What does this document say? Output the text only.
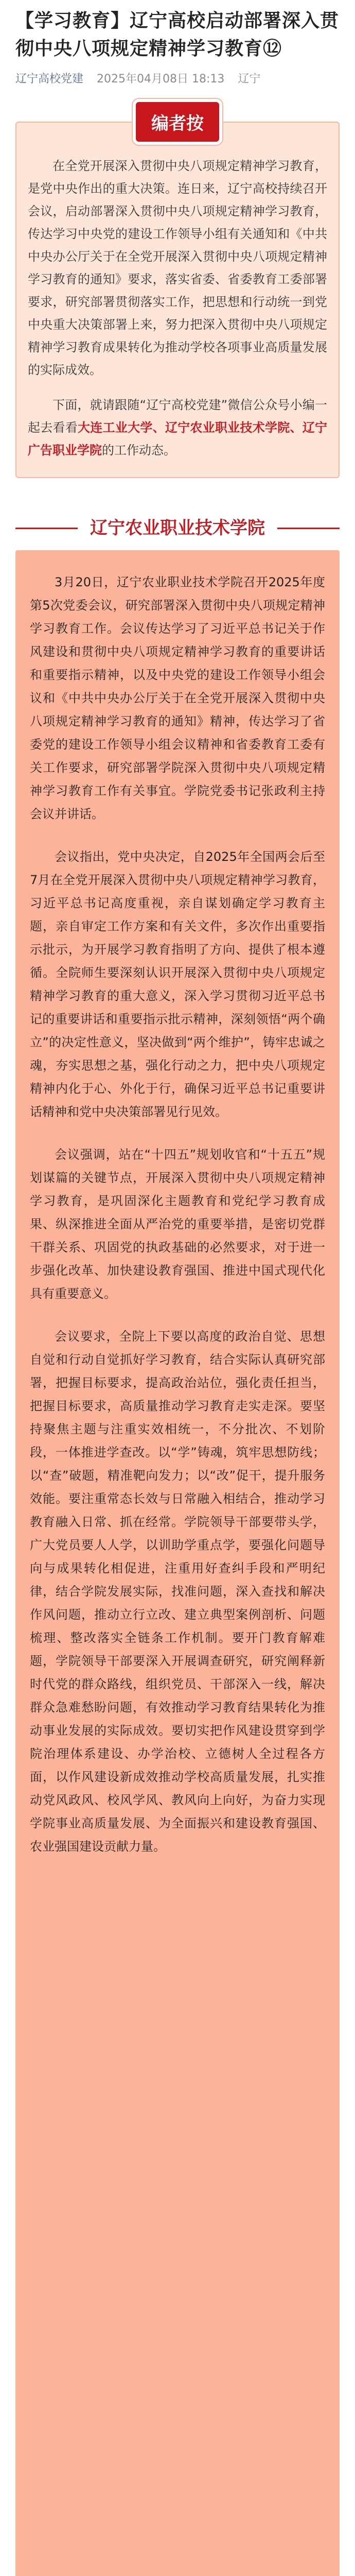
【学习教育】辽宁高校启动部署深入贯彻中央八项规定精神学习教育⑫
辽宁高校党建 2025年04月08日 18:13 辽宁
编者按

在全党开展深入贯彻中央八项规定精神学习教育，是党中央作出的重大决策。连日来，辽宁高校持续召开会议，启动部署深入贯彻中央八项规定精神学习教育，传达学习中央党的建设工作领导小组有关通知和《中共中央办公厅关于在全党开展深入贯彻中央八项规定精神学习教育的通知》要求，落实省委、省委教育工委部署要求，研究部署贯彻落实工作，把思想和行动统一到党中央重大决策部署上来，努力把深入贯彻中央八项规定精神学习教育成果转化为推动学校各项事业高质量发展的实际成效。

下面，就请跟随“辽宁高校党建”微信公众号小编一起去看看大连工业大学、辽宁农业职业技术学院、辽宁广告职业学院的工作动态。

辽宁农业职业技术学院

3月20日，辽宁农业职业技术学院召开2025年度第5次党委会议，研究部署深入贯彻中央八项规定精神学习教育工作。会议传达学习了习近平总书记关于作风建设和贯彻中央八项规定精神学习教育的重要讲话和重要指示精神，以及中央党的建设工作领导小组会议和《中共中央办公厅关于在全党开展深入贯彻中央八项规定精神学习教育的通知》精神，传达学习了省委党的建设工作领导小组会议精神和省委教育工委有关工作要求，研究部署学院深入贯彻中央八项规定精神学习教育工作有关事宜。学院党委书记张政利主持会议并讲话。

会议指出，党中央决定，自2025年全国两会后至7月在全党开展深入贯彻中央八项规定精神学习教育，习近平总书记高度重视，亲自谋划确定学习教育主题，亲自审定工作方案和有关文件，多次作出重要指示批示，为开展学习教育指明了方向、提供了根本遵循。全院师生要深刻认识开展深入贯彻中央八项规定精神学习教育的重大意义，深入学习贯彻习近平总书记的重要讲话和重要指示批示精神，深刻领悟“两个确立”的决定性意义，坚决做到“两个维护”，铸牢忠诚之魂，夯实思想之基，强化行动之力，把中央八项规定精神内化于心、外化于行，确保习近平总书记重要讲话精神和党中央决策部署见行见效。

会议强调，站在“十四五”规划收官和“十五五”规划谋篇的关键节点，开展深入贯彻中央八项规定精神学习教育，是巩固深化主题教育和党纪学习教育成果、纵深推进全面从严治党的重要举措，是密切党群干群关系、巩固党的执政基础的必然要求，对于进一步强化改革、加快建设教育强国、推进中国式现代化具有重要意义。

会议要求，全院上下要以高度的政治自觉、思想自觉和行动自觉抓好学习教育，结合实际认真研究部署，把握目标要求，提高政治站位，强化责任担当，把握目标要求，高质量推动学习教育走实走深。要坚持聚焦主题与注重实效相统一，不分批次、不划阶段，一体推进学查改。以“学”铸魂，筑牢思想防线；以“查”破题，精准靶向发力；以“改”促干，提升服务效能。要注重常态长效与日常融入相结合，推动学习教育融入日常、抓在经常。学院领导干部要带头学，广大党员要人人学，以训助学重点学，要强化问题导向与成果转化相促进，注重用好查纠手段和严明纪律，结合学院发展实际，找准问题，深入查找和解决作风问题，推动立行立改、建立典型案例剖析、问题梳理、整改落实全链条工作机制。要开门教育解难题，学院领导干部要深入开展调查研究，研究阐释新时代党的群众路线，组织党员、干部深入一线，解决群众急难愁盼问题，有效推动学习教育结果转化为推动事业发展的实际成效。要切实把作风建设贯穿到学院治理体系建设、办学治校、立德树人全过程各方面，以作风建设新成效推动学校高质量发展，扎实推动党风政风、校风学风、教风向上向好，为奋力实现学院事业高质量发展、为全面振兴和建设教育强国、农业强国建设贡献力量。
